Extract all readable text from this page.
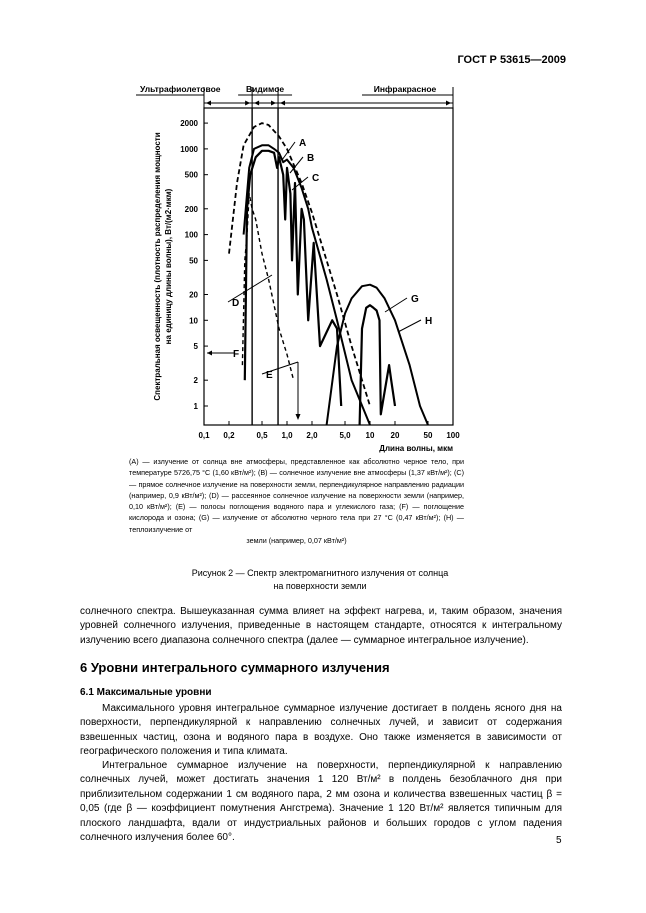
ГОСТ Р 53615—2009
Ультрафиолетовое	Видимое	Инфракрасное
Спектральная освещенность (плотность распределения мощности на единицу длины волны), Вт/(м2·мкм)
A
B
C
D
E
F
G
H
0,1 0,2	0,5 1,0 2,0	5,0 10 20	50 100
Длина волны, мкм
1
2
5
10
20
50
100
200
500
1000
2000
(А) — излучение от солнца вне атмосферы, представленное как абсолютно черное тело, при температуре 5726,75 °С (1,60 кВт/м²); (B) — солнечное излучение вне атмосферы (1,37 кВт/м²); (С) — прямое солнечное излучение на поверхности земли, перпендикулярное направлению радиации (например, 0,9 кВт/м²); (D) — рассеянное солнечное излучение на поверхности земли (например, 0,10 кВт/м²); (Е) — полосы поглощения водяного пара и углекислого газа; (F) — поглощение кислорода и озона; (G) — излучение от абсолютно черного тела при 27 °С (0,47 кВт/м²); (Н) — теплоизлучение от
земли (например, 0,07 кВт/м²)
Рисунок 2 — Спектр электромагнитного излучения от солнца
на поверхности земли

солнечного спектра. Вышеуказанная сумма влияет на эффект нагрева, и, таким образом, значения уровней солнечного излучения, приведенные в настоящем стандарте, относятся к интегральному излучению всего диапазона солнечного спектра (далее — суммарное интегральное излучение).

6 Уровни интегрального суммарного излучения
6.1 Максимальные уровни

Максимального уровня интегральное суммарное излучение достигает в полдень ясного дня на поверхности, перпендикулярной к направлению солнечных лучей, и зависит от содержания взвешенных частиц, озона и водяного пара в воздухе. Оно также изменяется в зависимости от географического положения и типа климата.

Интегральное суммарное излучение на поверхности, перпендикулярной к направлению солнечных лучей, может достигать значения 1 120 Вт/м² в полдень безоблачного дня при приблизительном содержании 1 см водяного пара, 2 мм озона и количества взвешенных частиц β = 0,05 (где β — коэффициент помутнения Ангстрема). Значение 1 120 Вт/м² является типичным для плоского ландшафта, вдали от индустриальных районов и больших городов с углом падения солнечного излучения более 60°.	5
